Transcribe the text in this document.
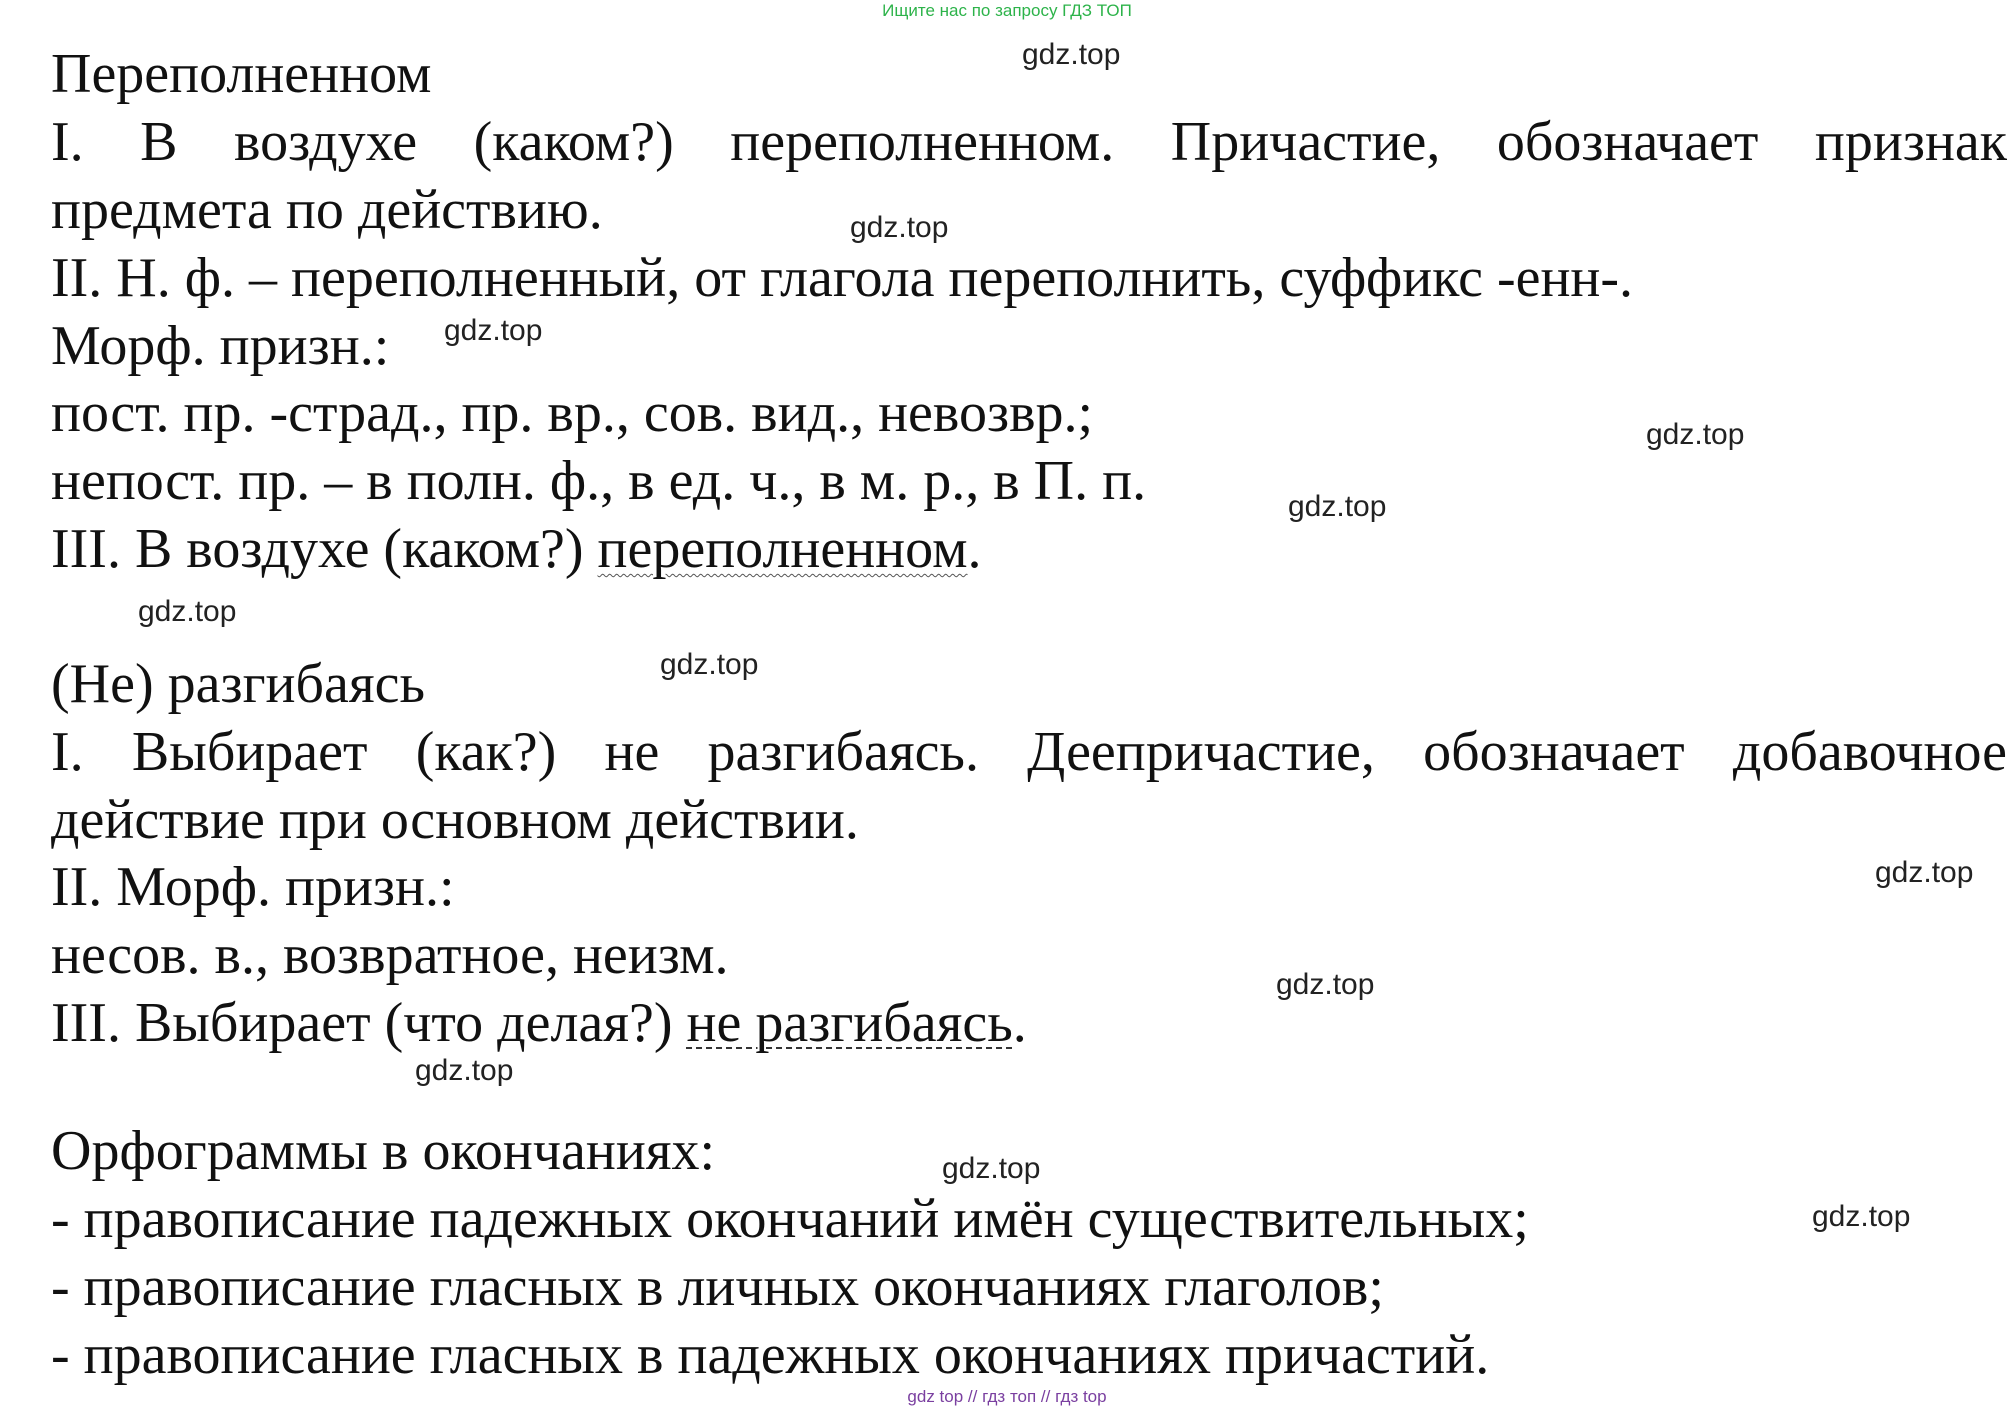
Ищите нас по запросу ГДЗ ТОП

Переполненном

I. В воздухе (каком?) переполненном. Причастие, обозначает признак

предмета по действию.

II. Н. ф. – переполненный, от глагола переполнить, суффикс -енн-.

Морф. призн.:

пост. пр. -страд., пр. вр., сов. вид., невозвр.;

непост. пр. – в полн. ф., в ед. ч., в м. р., в П. п.

III. В воздухе (каком?) переполненном.

(Не) разгибаясь

I. Выбирает (как?) не разгибаясь. Деепричастие, обозначает добавочное

действие при основном действии.

II. Морф. призн.:

несов. в., возвратное, неизм.

III. Выбирает (что делая?) не разгибаясь.

Орфограммы в окончаниях:

- правописание падежных окончаний имён существительных;

- правописание гласных в личных окончаниях глаголов;

- правописание гласных в падежных окончаниях причастий.

gdz.top
gdz.top
gdz.top
gdz.top
gdz.top
gdz.top
gdz.top
gdz.top
gdz.top
gdz.top
gdz.top
gdz.top
gdz top // гдз топ // гдз top
